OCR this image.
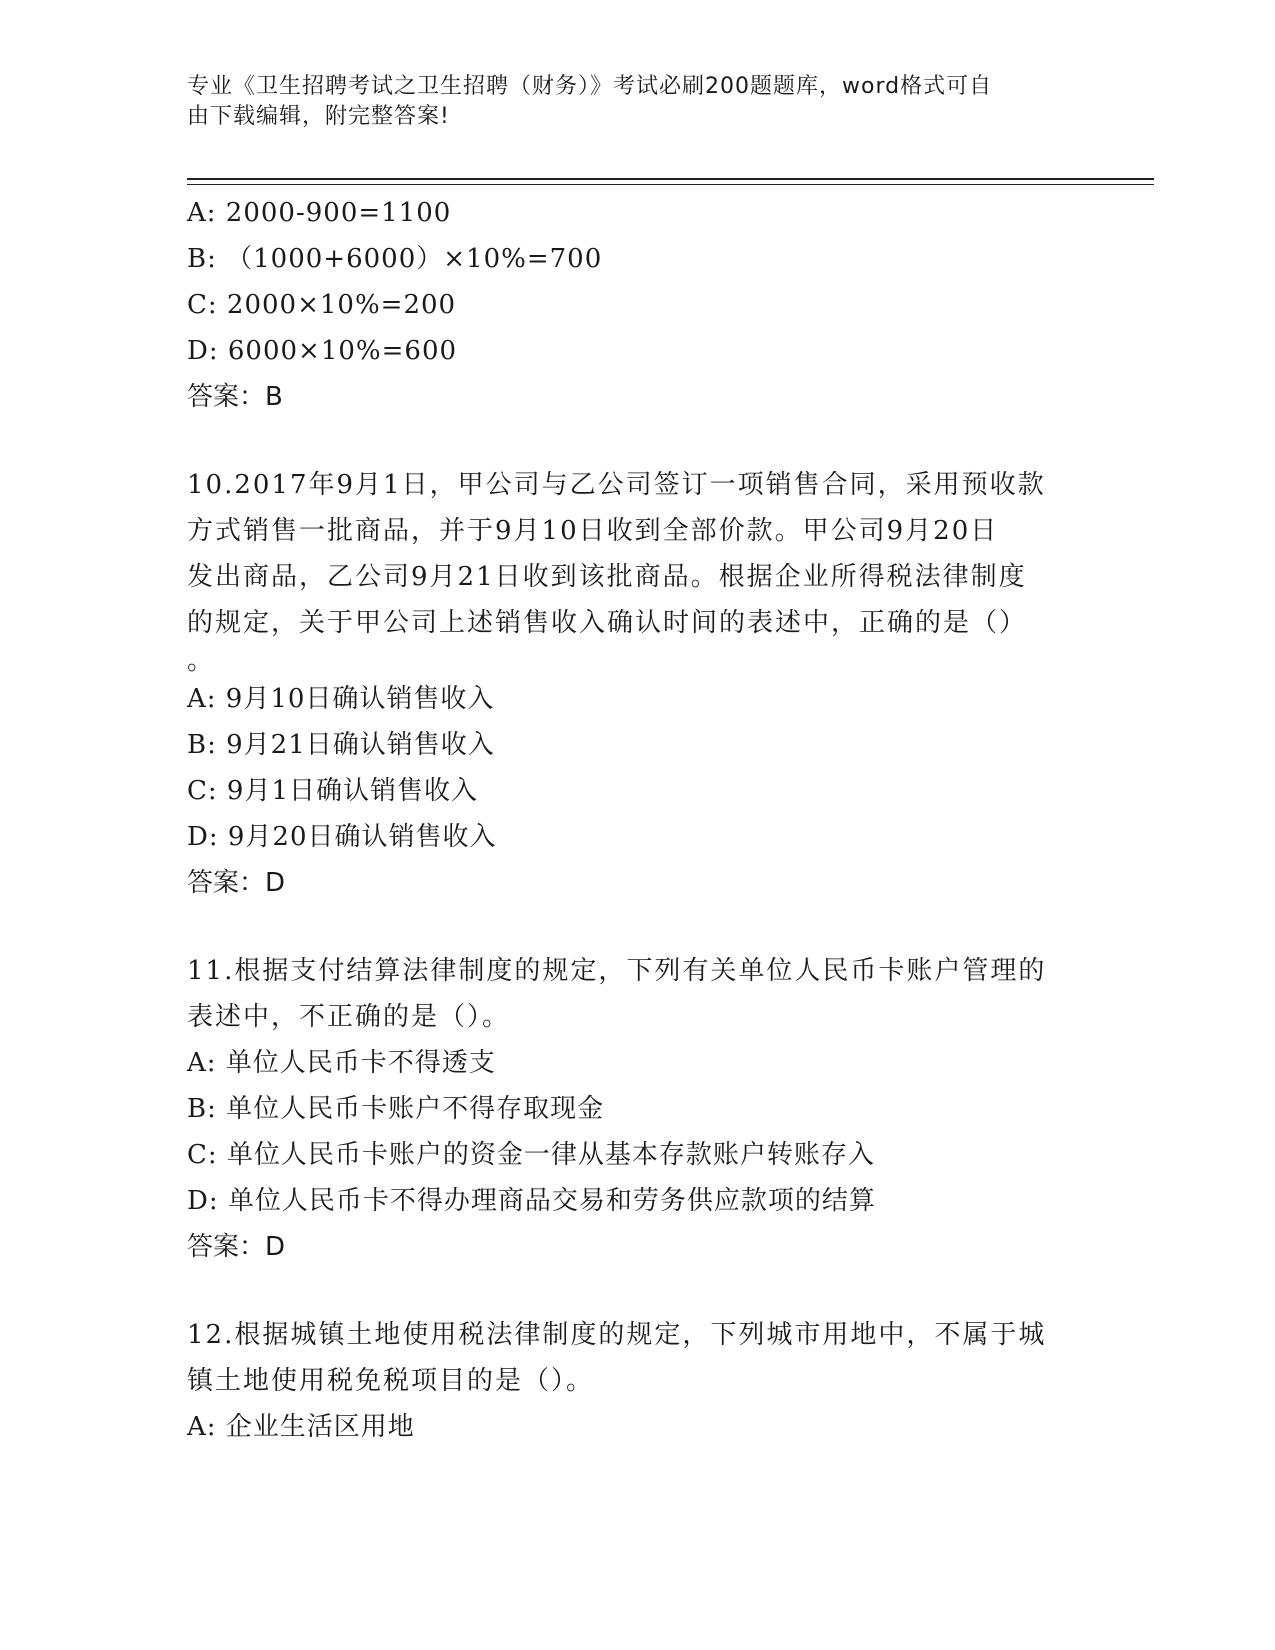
专业《卫生招聘考试之卫生招聘（财务）》考试必刷200题题库，word格式可自
由下载编辑，附完整答案!
A: 2000-900=1100
B: （1000+6000）×10%=700
C: 2000×10%=200
D: 6000×10%=600
答案：B
10.2017年9月1日，甲公司与乙公司签订一项销售合同，采用预收款
方式销售一批商品，并于9月10日收到全部价款。甲公司9月20日
发出商品，乙公司9月21日收到该批商品。根据企业所得税法律制度
的规定，关于甲公司上述销售收入确认时间的表述中，正确的是（）
。
A: 9月10日确认销售收入
B: 9月21日确认销售收入
C: 9月1日确认销售收入
D: 9月20日确认销售收入
答案：D
11.根据支付结算法律制度的规定，下列有关单位人民币卡账户管理的
表述中，不正确的是（）。
A: 单位人民币卡不得透支
B: 单位人民币卡账户不得存取现金
C: 单位人民币卡账户的资金一律从基本存款账户转账存入
D: 单位人民币卡不得办理商品交易和劳务供应款项的结算
答案：D
12.根据城镇土地使用税法律制度的规定，下列城市用地中，不属于城
镇土地使用税免税项目的是（）。
A: 企业生活区用地
